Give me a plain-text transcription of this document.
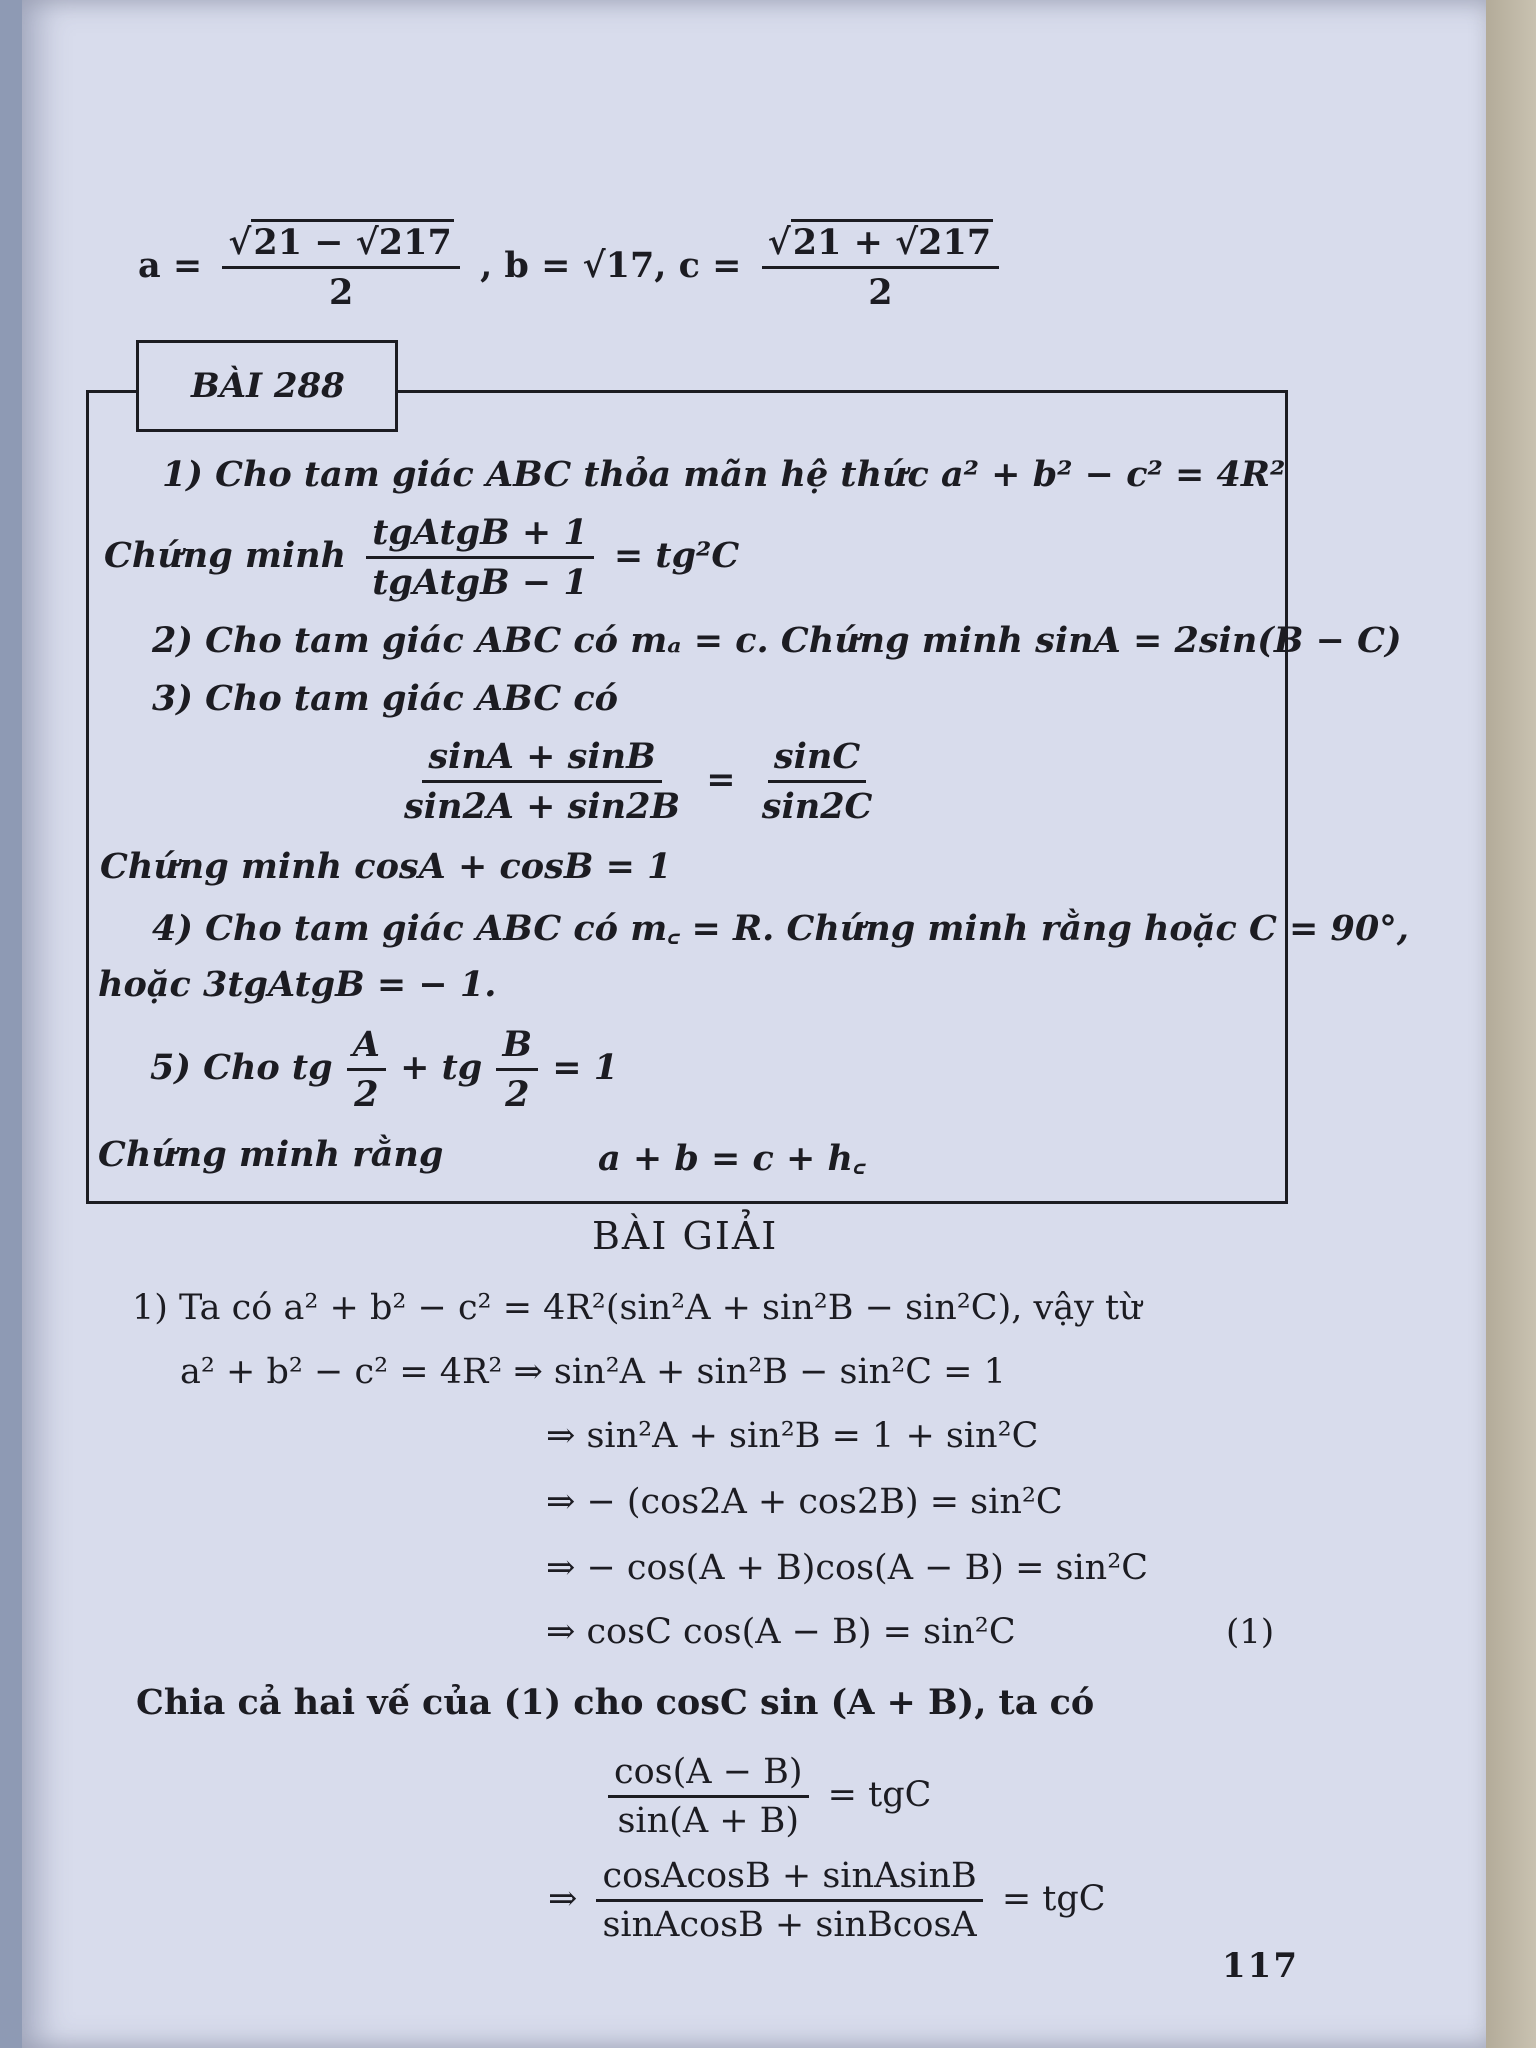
$a = \frac{√21 - √217}{2}$ , b = √17, $c = \frac{√21 + √217}{2}$
BÀI 288
1) Cho tam giác ABC thỏa mãn hệ thức a² + b² − c² = 4R²
Chứng minh $\frac{\text{tgAtgB + 1}}{\text{tgAtgB − 1}} = tg^2C$
2) Cho tam giác ABC có mₐ = c. Chứng minh sinA = 2sin(B − C)
3) Cho tam giác ABC có
$\frac{\sin A + \sin B}{\sin 2A + \sin 2B} = \frac{\sin C}{\sin 2C}$
Chứng minh cosA + cosB = 1
4) Cho tam giác ABC có m꜀ = R. Chứng minh rằng hoặc C = 90°,
hoặc 3tgAtgB = − 1.
5) Cho tg $\frac{A}{2}$ + tg $\frac{B}{2} = 1$
Chứng minh rằng	a + b = c + h꜀
BÀI GIẢI
1) Ta có a² + b² − c² = 4R²(sin²A + sin²B − sin²C), vậy từ
a² + b² − c² = 4R² ⇒ sin²A + sin²B − sin²C = 1
⇒ sin²A + sin²B = 1 + sin²C
⇒ − (cos2A + cos2B) = sin²C
⇒ − cos(A + B)cos(A − B) = sin²C
⇒ cosC cos(A − B) = sin²C	(1)
Chia cả hai vế của (1) cho cosC sin (A + B), ta có
$\frac{\cos(A - B)}{\sin(A + B)}$ = tgC
⇒ $\frac{\text{cosAcosB + sinAsinB}}{\text{sinAcosB + sinBcosA}}$ = tgC
117
